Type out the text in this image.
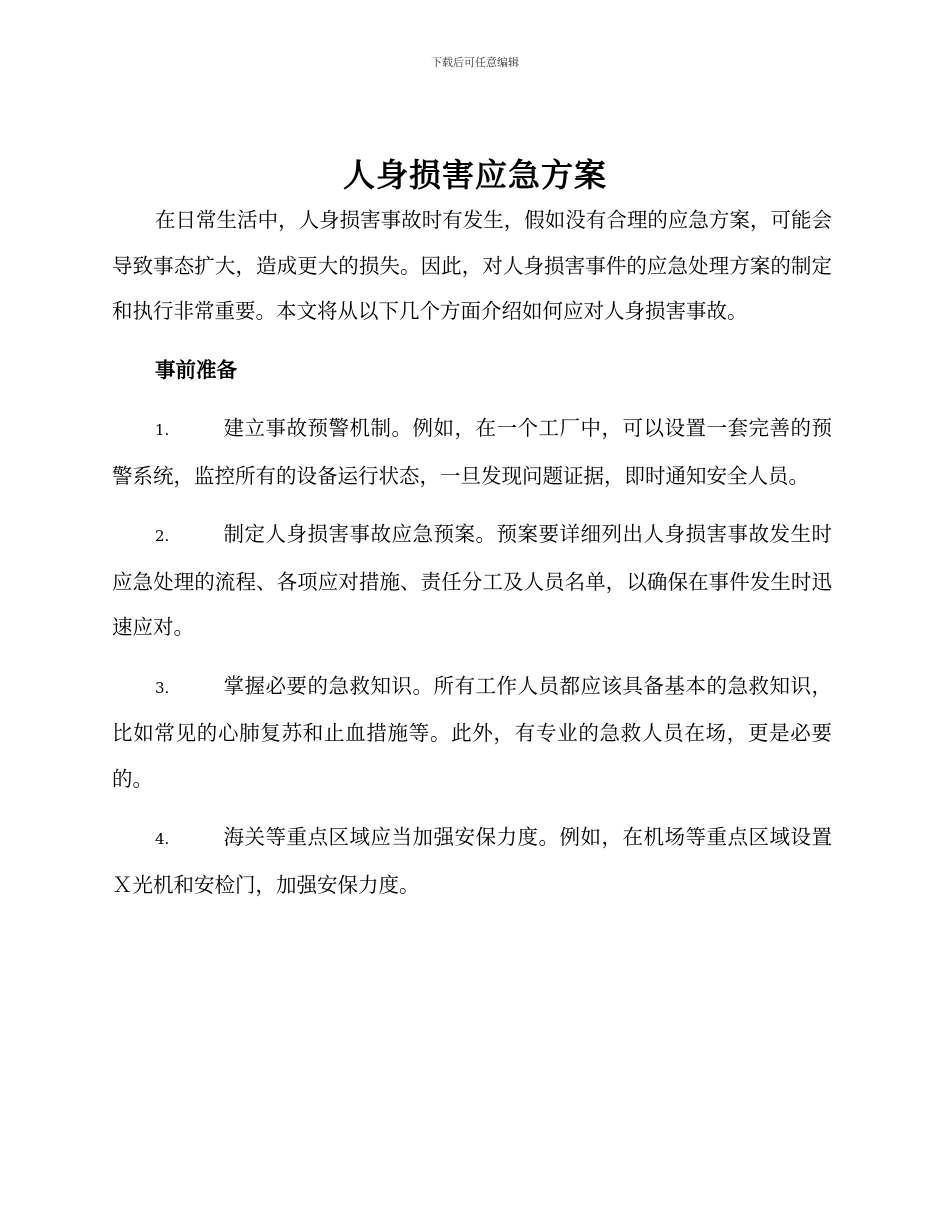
下载后可任意编辑
人身损害应急方案

在日常生活中，人身损害事故时有发生，假如没有合理的应急方案，可能会导致事态扩大，造成更大的损失。因此，对人身损害事件的应急处理方案的制定和执行非常重要。本文将从以下几个方面介绍如何应对人身损害事故。

事前准备

1.	建立事故预警机制。例如，在一个工厂中，可以设置一套完善的预警系统，监控所有的设备运行状态，一旦发现问题证据，即时通知安全人员。

2.	制定人身损害事故应急预案。预案要详细列出人身损害事故发生时应急处理的流程、各项应对措施、责任分工及人员名单，以确保在事件发生时迅速应对。

3.	掌握必要的急救知识。所有工作人员都应该具备基本的急救知识，比如常见的心肺复苏和止血措施等。此外，有专业的急救人员在场，更是必要的。

4.	海关等重点区域应当加强安保力度。例如，在机场等重点区域设置Ｘ光机和安检门，加强安保力度。
